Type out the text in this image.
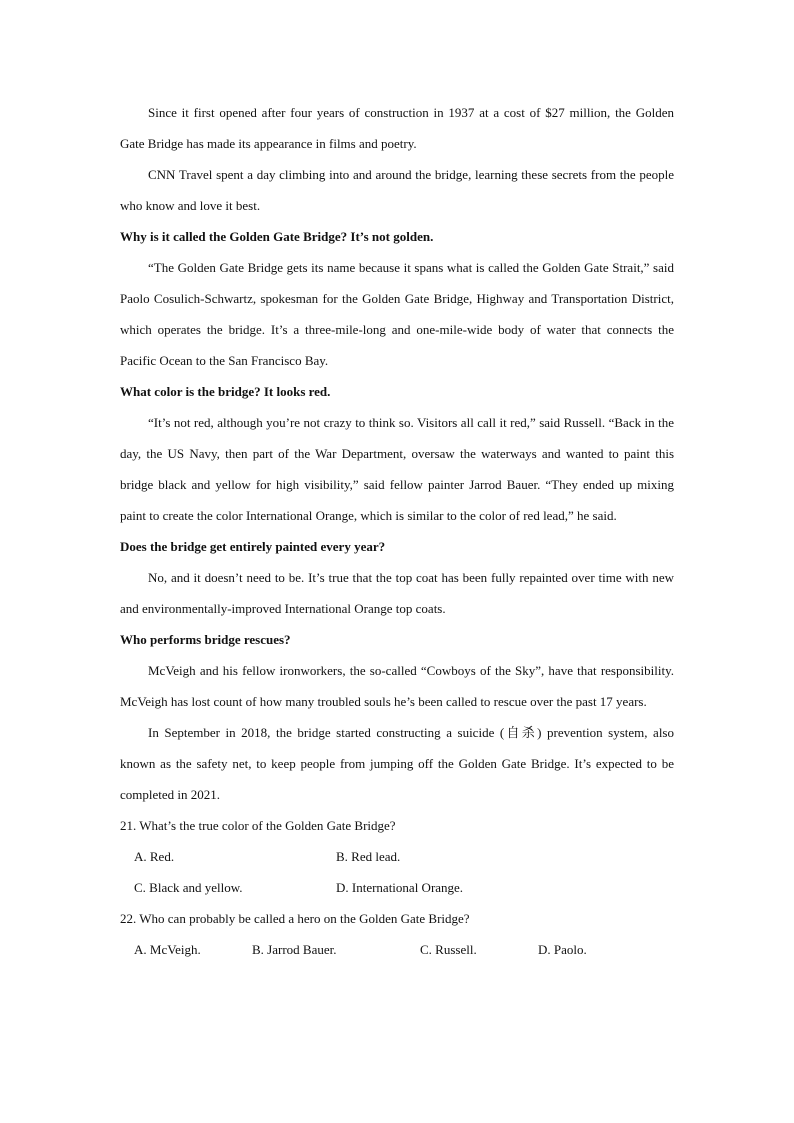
Since it first opened after four years of construction in 1937 at a cost of $27 million, the Golden Gate Bridge has made its appearance in films and poetry.

CNN Travel spent a day climbing into and around the bridge, learning these secrets from the people who know and love it best.

Why is it called the Golden Gate Bridge? It’s not golden.

“The Golden Gate Bridge gets its name because it spans what is called the Golden Gate Strait,” said Paolo Cosulich-Schwartz, spokesman for the Golden Gate Bridge, Highway and Transportation District, which operates the bridge. It’s a three-mile-long and one-mile-wide body of water that connects the Pacific Ocean to the San Francisco Bay.

What color is the bridge? It looks red.

“It’s not red, although you’re not crazy to think so. Visitors all call it red,” said Russell. “Back in the day, the US Navy, then part of the War Department, oversaw the waterways and wanted to paint this bridge black and yellow for high visibility,” said fellow painter Jarrod Bauer. “They ended up mixing paint to create the color International Orange, which is similar to the color of red lead,” he said.

Does the bridge get entirely painted every year?

No, and it doesn’t need to be. It’s true that the top coat has been fully repainted over time with new and environmentally-improved International Orange top coats.

Who performs bridge rescues?

McVeigh and his fellow ironworkers, the so-called “Cowboys of the Sky”, have that responsibility. McVeigh has lost count of how many troubled souls he’s been called to rescue over the past 17 years.

In September in 2018, the bridge started constructing a suicide (自杀) prevention system, also known as the safety net, to keep people from jumping off the Golden Gate Bridge. It’s expected to be completed in 2021.

21. What’s the true color of the Golden Gate Bridge?

A. Red.	B. Red lead.
C. Black and yellow.	D. International Orange.

22. Who can probably be called a hero on the Golden Gate Bridge?

A. McVeigh.	B. Jarrod Bauer.	C. Russell.	D. Paolo.
